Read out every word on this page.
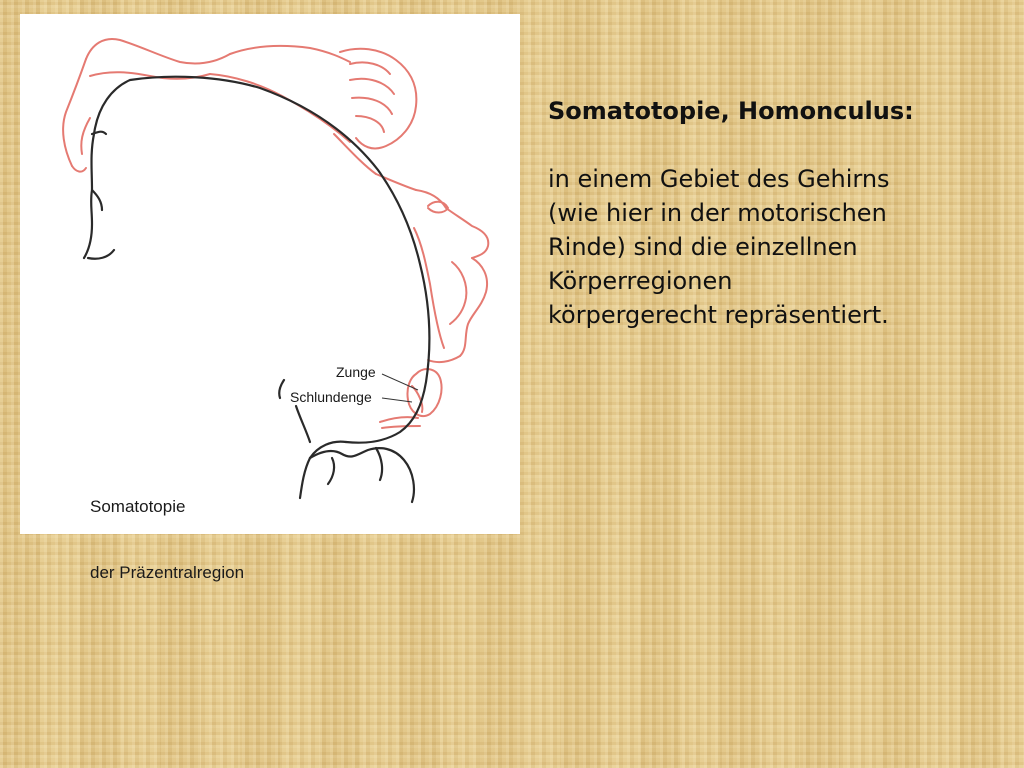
Zunge
Schlundenge

Somatotopie

der Präzentralregion

Somatotopie, Homonculus:
in einem Gebiet des Gehirns
(wie hier in der motorischen
Rinde) sind die einzellnen
Körperregionen
körpergerecht repräsentiert.
